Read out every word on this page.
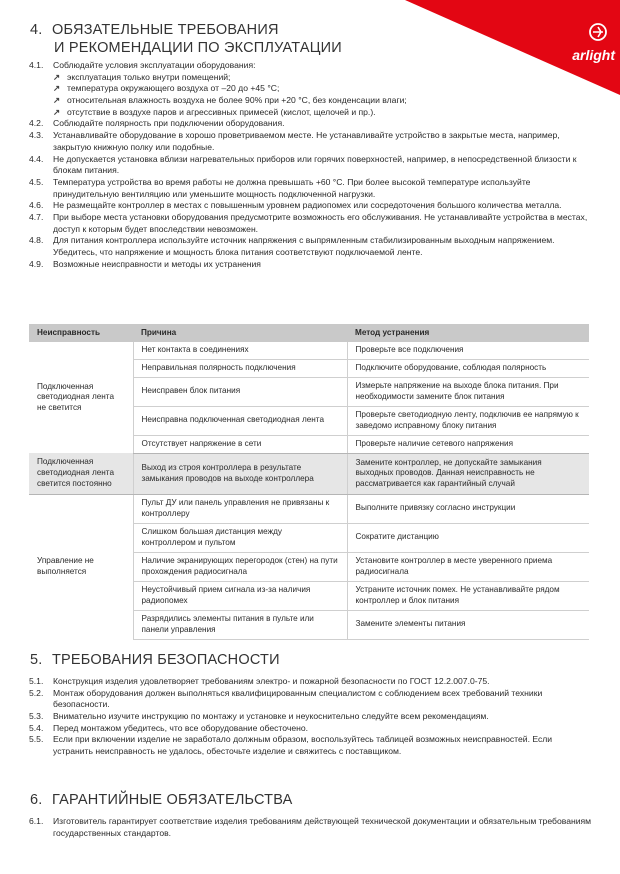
arlight
4. ОБЯЗАТЕЛЬНЫЕ ТРЕБОВАНИЯ
И РЕКОМЕНДАЦИИ ПО ЭКСПЛУАТАЦИИ
4.1.	Соблюдайте условия эксплуатации оборудования:
↗ эксплуатация только внутри помещений;
↗ температура окружающего воздуха от –20 до +45 °C;
↗ относительная влажность воздуха не более 90% при +20 °C, без конденсации влаги;
↗ отсутствие в воздухе паров и агрессивных примесей (кислот, щелочей и пр.).
4.2.	Соблюдайте полярность при подключении оборудования.
4.3.	Устанавливайте оборудование в хорошо проветриваемом месте. Не устанавливайте устройство в закрытые места, например, закрытую книжную полку или подобные.
4.4.	Не допускается установка вблизи нагревательных приборов или горячих поверхностей, например, в непосредственной близости к блокам питания.
4.5.	Температура устройства во время работы не должна превышать +60 °C. При более высокой температуре используйте принудительную вентиляцию или уменьшите мощность подключенной нагрузки.
4.6.	Не размещайте контроллер в местах с повышенным уровнем радиопомех или сосредоточения большого количества металла.
4.7.	При выборе места установки оборудования предусмотрите возможность его обслуживания. Не устанавливайте устройства в местах, доступ к которым будет впоследствии невозможен.
4.8.	Для питания контроллера используйте источник напряжения с выпрямленным стабилизированным выходным напряжением. Убедитесь, что напряжение и мощность блока питания соответствуют подключаемой ленте.
4.9.	Возможные неисправности и методы их устранения
Неисправность	Причина	Метод устранения
Подключенная светодиодная лента не светится	Нет контакта в соединениях	Проверьте все подключения
	Неправильная полярность подключения	Подключите оборудование, соблюдая полярность
	Неисправен блок питания	Измерьте напряжение на выходе блока питания. При необходимости замените блок питания
	Неисправна подключенная светодиодная лента	Проверьте светодиодную ленту, подключив ее напрямую к заведомо исправному блоку питания
	Отсутствует напряжение в сети	Проверьте наличие сетевого напряжения
Подключенная светодиодная лента светится постоянно	Выход из строя контроллера в результате замыкания проводов на выходе контроллера	Замените контроллер, не допускайте замыкания выходных проводов. Данная неисправность не рассматривается как гарантийный случай
Управление не выполняется	Пульт ДУ или панель управления не привязаны к контроллеру	Выполните привязку согласно инструкции
	Слишком большая дистанция между контроллером и пультом	Сократите дистанцию
	Наличие экранирующих перегородок (стен) на пути прохождения радиосигнала	Установите контроллер в месте уверенного приема радиосигнала
	Неустойчивый прием сигнала из-за наличия радиопомех	Устраните источник помех. Не устанавливайте рядом контроллер и блок питания
	Разрядились элементы питания в пульте или панели управления	Замените элементы питания
5. ТРЕБОВАНИЯ БЕЗОПАСНОСТИ
5.1.	Конструкция изделия удовлетворяет требованиям электро- и пожарной безопасности по ГОСТ 12.2.007.0-75.
5.2.	Монтаж оборудования должен выполняться квалифицированным специалистом с соблюдением всех требований техники безопасности.
5.3.	Внимательно изучите инструкцию по монтажу и установке и неукоснительно следуйте всем рекомендациям.
5.4.	Перед монтажом убедитесь, что все оборудование обесточено.
5.5.	Если при включении изделие не заработало должным образом, воспользуйтесь таблицей возможных неисправностей. Если устранить неисправность не удалось, обесточьте изделие и свяжитесь с поставщиком.
6. ГАРАНТИЙНЫЕ ОБЯЗАТЕЛЬСТВА
6.1.	Изготовитель гарантирует соответствие изделия требованиям действующей технической документации и обязательным требованиям государственных стандартов.
